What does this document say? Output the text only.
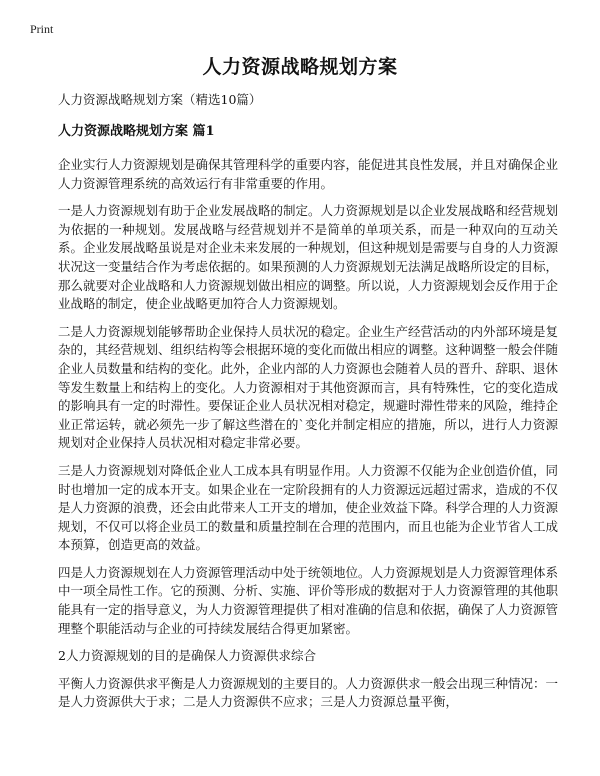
Print
人力资源战略规划方案

人力资源战略规划方案（精选10篇）

人力资源战略规划方案 篇1

企业实行人力资源规划是确保其管理科学的重要内容，能促进其良性发展，并且对确保企业人力资源管理系统的高效运行有非常重要的作用。

一是人力资源规划有助于企业发展战略的制定。人力资源规划是以企业发展战略和经营规划为依据的一种规划。发展战略与经营规划并不是简单的单项关系，而是一种双向的互动关系。企业发展战略虽说是对企业未来发展的一种规划，但这种规划是需要与自身的人力资源状况这一变量结合作为考虑依据的。如果预测的人力资源规划无法满足战略所设定的目标，那么就要对企业战略和人力资源规划做出相应的调整。所以说，人力资源规划会反作用于企业战略的制定，使企业战略更加符合人力资源规划。

二是人力资源规划能够帮助企业保持人员状况的稳定。企业生产经营活动的内外部环境是复杂的，其经营规划、组织结构等会根据环境的变化而做出相应的调整。这种调整一般会伴随企业人员数量和结构的变化。此外，企业内部的人力资源也会随着人员的晋升、辞职、退休等发生数量上和结构上的变化。人力资源相对于其他资源而言，具有特殊性，它的变化造成的影响具有一定的时滞性。要保证企业人员状况相对稳定，规避时滞性带来的风险，维持企业正常运转，就必须先一步了解这些潜在的`变化并制定相应的措施，所以，进行人力资源规划对企业保持人员状况相对稳定非常必要。

三是人力资源规划对降低企业人工成本具有明显作用。人力资源不仅能为企业创造价值，同时也增加一定的成本开支。如果企业在一定阶段拥有的人力资源远远超过需求，造成的不仅是人力资源的浪费，还会由此带来人工开支的增加，使企业效益下降。科学合理的人力资源规划，不仅可以将企业员工的数量和质量控制在合理的范围内，而且也能为企业节省人工成本预算，创造更高的效益。

四是人力资源规划在人力资源管理活动中处于统领地位。人力资源规划是人力资源管理体系中一项全局性工作。它的预测、分析、实施、评价等形成的数据对于人力资源管理的其他职能具有一定的指导意义，为人力资源管理提供了相对准确的信息和依据，确保了人力资源管理整个职能活动与企业的可持续发展结合得更加紧密。

2人力资源规划的目的是确保人力资源供求综合

平衡人力资源供求平衡是人力资源规划的主要目的。人力资源供求一般会出现三种情况：一是人力资源供大于求；二是人力资源供不应求；三是人力资源总量平衡，
